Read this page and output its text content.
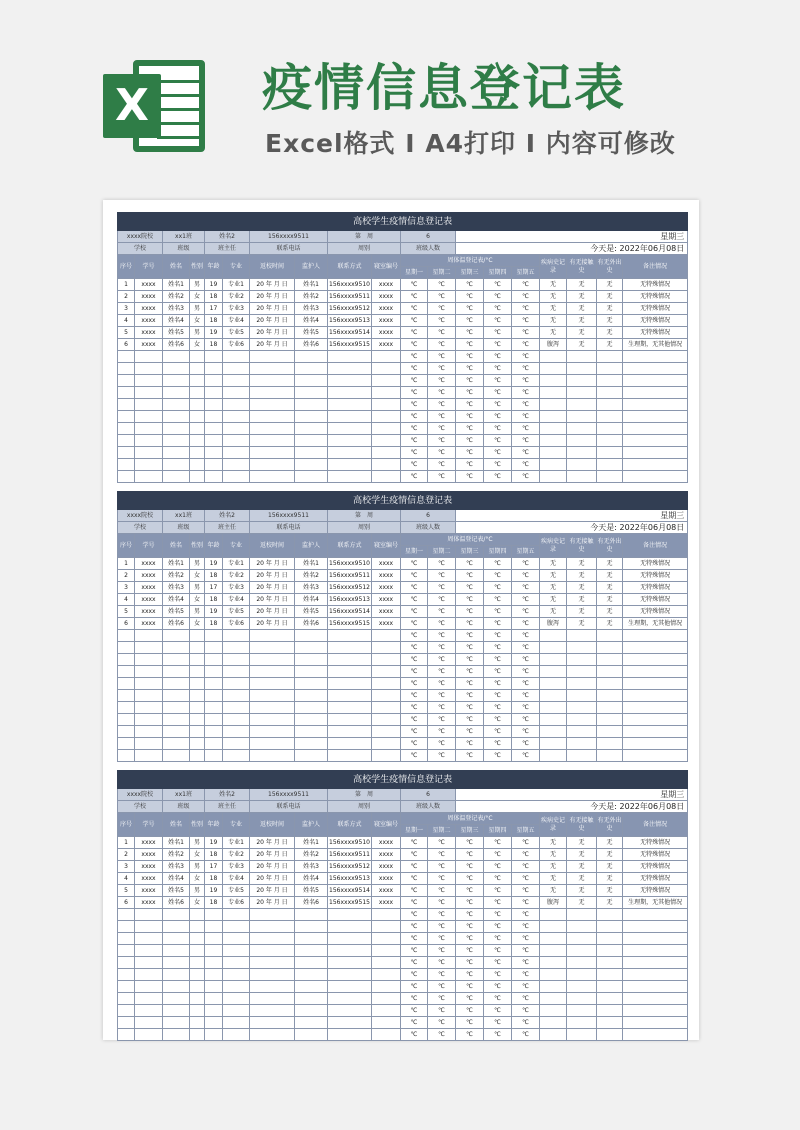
X 疫情信息登记表
Excel格式 I A4打印 I 内容可修改
高校学生疫情信息登记表																		
xxxx院校		xx1班		姓名2		156xxxx9511		第　周		6		星期三						
学校		班级		班主任		联系电话		周别		班级人数		今天是: 2022年06月08日						
序号	学号	姓名	性别	年龄	专业	返校时间	监护人	联系方式	寝室编号	周体温登记表/°C					疾病史记录	有无接触史	有无外出史	备注情况
										星期一	星期二	星期三	星期四	星期五				
1	xxxx	姓名1	男	19	专业1	20 年 月 日	姓名1	156xxxx9510	xxxx	℃	℃	℃	℃	℃	无	无	无	无特殊情况
2	xxxx	姓名2	女	18	专业2	20 年 月 日	姓名2	156xxxx9511	xxxx	℃	℃	℃	℃	℃	无	无	无	无特殊情况
3	xxxx	姓名3	男	17	专业3	20 年 月 日	姓名3	156xxxx9512	xxxx	℃	℃	℃	℃	℃	无	无	无	无特殊情况
4	xxxx	姓名4	女	18	专业4	20 年 月 日	姓名4	156xxxx9513	xxxx	℃	℃	℃	℃	℃	无	无	无	无特殊情况
5	xxxx	姓名5	男	19	专业5	20 年 月 日	姓名5	156xxxx9514	xxxx	℃	℃	℃	℃	℃	无	无	无	无特殊情况
6	xxxx	姓名6	女	18	专业6	20 年 月 日	姓名6	156xxxx9515	xxxx	℃	℃	℃	℃	℃	腹泻	无	无	生理期，无其他情况
										℃	℃	℃	℃	℃				
										℃	℃	℃	℃	℃				
										℃	℃	℃	℃	℃				
										℃	℃	℃	℃	℃				
										℃	℃	℃	℃	℃				
										℃	℃	℃	℃	℃				
										℃	℃	℃	℃	℃				
										℃	℃	℃	℃	℃				
										℃	℃	℃	℃	℃				
										℃	℃	℃	℃	℃				
										℃	℃	℃	℃	℃				
高校学生疫情信息登记表																		
xxxx院校		xx1班		姓名2		156xxxx9511		第　周		6		星期三						
学校		班级		班主任		联系电话		周别		班级人数		今天是: 2022年06月08日						
序号	学号	姓名	性别	年龄	专业	返校时间	监护人	联系方式	寝室编号	周体温登记表/°C					疾病史记录	有无接触史	有无外出史	备注情况
										星期一	星期二	星期三	星期四	星期五				
1	xxxx	姓名1	男	19	专业1	20 年 月 日	姓名1	156xxxx9510	xxxx	℃	℃	℃	℃	℃	无	无	无	无特殊情况
2	xxxx	姓名2	女	18	专业2	20 年 月 日	姓名2	156xxxx9511	xxxx	℃	℃	℃	℃	℃	无	无	无	无特殊情况
3	xxxx	姓名3	男	17	专业3	20 年 月 日	姓名3	156xxxx9512	xxxx	℃	℃	℃	℃	℃	无	无	无	无特殊情况
4	xxxx	姓名4	女	18	专业4	20 年 月 日	姓名4	156xxxx9513	xxxx	℃	℃	℃	℃	℃	无	无	无	无特殊情况
5	xxxx	姓名5	男	19	专业5	20 年 月 日	姓名5	156xxxx9514	xxxx	℃	℃	℃	℃	℃	无	无	无	无特殊情况
6	xxxx	姓名6	女	18	专业6	20 年 月 日	姓名6	156xxxx9515	xxxx	℃	℃	℃	℃	℃	腹泻	无	无	生理期，无其他情况
										℃	℃	℃	℃	℃				
										℃	℃	℃	℃	℃				
										℃	℃	℃	℃	℃				
										℃	℃	℃	℃	℃				
										℃	℃	℃	℃	℃				
										℃	℃	℃	℃	℃				
										℃	℃	℃	℃	℃				
										℃	℃	℃	℃	℃				
										℃	℃	℃	℃	℃				
										℃	℃	℃	℃	℃				
										℃	℃	℃	℃	℃				
高校学生疫情信息登记表																		
xxxx院校		xx1班		姓名2		156xxxx9511		第　周		6		星期三						
学校		班级		班主任		联系电话		周别		班级人数		今天是: 2022年06月08日						
序号	学号	姓名	性别	年龄	专业	返校时间	监护人	联系方式	寝室编号	周体温登记表/°C					疾病史记录	有无接触史	有无外出史	备注情况
										星期一	星期二	星期三	星期四	星期五				
1	xxxx	姓名1	男	19	专业1	20 年 月 日	姓名1	156xxxx9510	xxxx	℃	℃	℃	℃	℃	无	无	无	无特殊情况
2	xxxx	姓名2	女	18	专业2	20 年 月 日	姓名2	156xxxx9511	xxxx	℃	℃	℃	℃	℃	无	无	无	无特殊情况
3	xxxx	姓名3	男	17	专业3	20 年 月 日	姓名3	156xxxx9512	xxxx	℃	℃	℃	℃	℃	无	无	无	无特殊情况
4	xxxx	姓名4	女	18	专业4	20 年 月 日	姓名4	156xxxx9513	xxxx	℃	℃	℃	℃	℃	无	无	无	无特殊情况
5	xxxx	姓名5	男	19	专业5	20 年 月 日	姓名5	156xxxx9514	xxxx	℃	℃	℃	℃	℃	无	无	无	无特殊情况
6	xxxx	姓名6	女	18	专业6	20 年 月 日	姓名6	156xxxx9515	xxxx	℃	℃	℃	℃	℃	腹泻	无	无	生理期，无其他情况
										℃	℃	℃	℃	℃				
										℃	℃	℃	℃	℃				
										℃	℃	℃	℃	℃				
										℃	℃	℃	℃	℃				
										℃	℃	℃	℃	℃				
										℃	℃	℃	℃	℃				
										℃	℃	℃	℃	℃				
										℃	℃	℃	℃	℃				
										℃	℃	℃	℃	℃				
										℃	℃	℃	℃	℃				
										℃	℃	℃	℃	℃				
